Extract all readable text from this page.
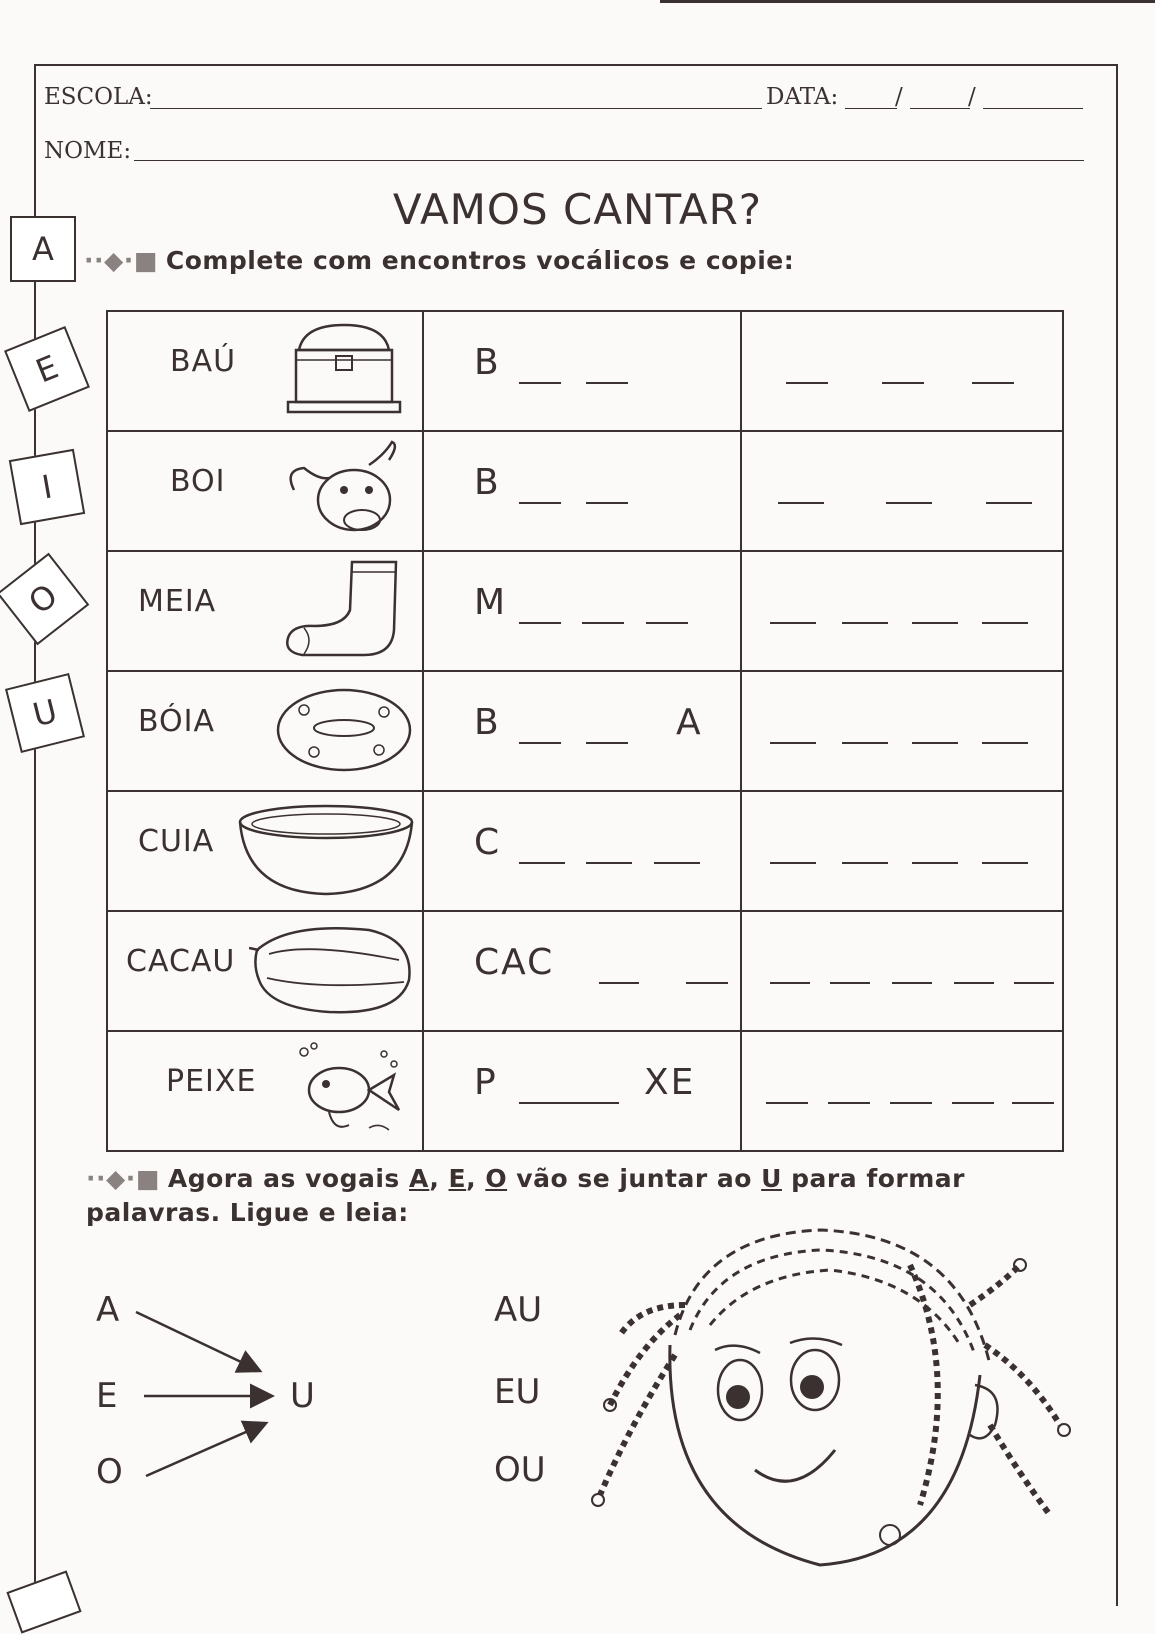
ESCOLA:	DATA: /	/
NOME:
VAMOS CANTAR?
··◆·■ Complete com encontros vocálicos e copie:
A
E
I
O
U
BAÚ	B	

BOI	B	

MEIA	M	

BÓIA	B A	

CUIA	C	

CACAU	CAC	

PEIXE	P XE	

··◆·■ Agora as vogais A, E, O vão se juntar ao U para formar palavras. Ligue e leia:
A
E
O
U
AU
EU
OU
